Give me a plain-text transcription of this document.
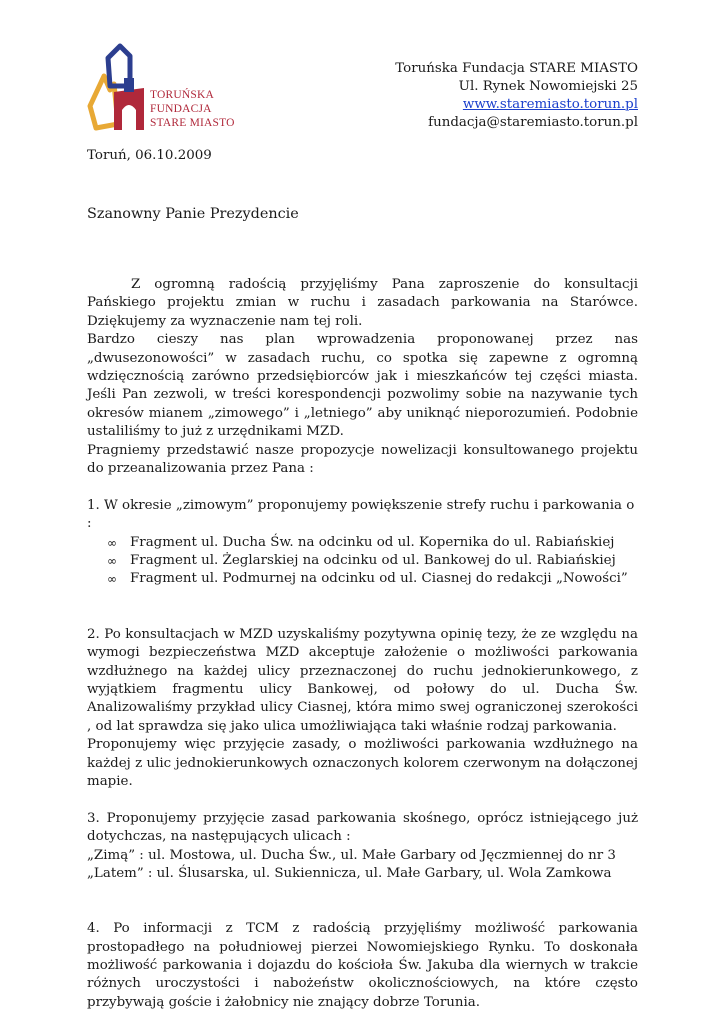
TORUŃSKA
FUNDACJA
STARE MIASTO
Toruńska Fundacja STARE MIASTO
Ul. Rynek Nowomiejski 25
www.staremiasto.torun.pl
fundacja@staremiasto.torun.pl
Toruń, 06.10.2009
Szanowny Panie Prezydencie

Z ogromną radością przyjęliśmy Pana zaproszenie do konsultacji Pańskiego projektu zmian w ruchu i zasadach parkowania na Starówce. Dziękujemy za wyznaczenie nam tej roli.

Bardzo cieszy nas plan wprowadzenia proponowanej przez nas „dwusezonowości” w zasadach ruchu, co spotka się zapewne z ogromną wdzięcznością zarówno przedsiębiorców jak i mieszkańców tej części miasta. Jeśli Pan zezwoli, w treści korespondencji pozwolimy sobie na nazywanie tych okresów mianem „zimowego” i „letniego” aby uniknąć nieporozumień. Podobnie ustaliliśmy to już z urzędnikami MZD.

Pragniemy przedstawić nasze propozycje nowelizacji konsultowanego projektu do przeanalizowania przez Pana :

1. W okresie „zimowym” proponujemy powiększenie strefy ruchu i parkowania o :

∞ Fragment ul. Ducha Św. na odcinku od ul. Kopernika do ul. Rabiańskiej
∞ Fragment ul. Żeglarskiej na odcinku od ul. Bankowej do ul. Rabiańskiej
∞ Fragment ul. Podmurnej na odcinku od ul. Ciasnej do redakcji „Nowości”

2. Po konsultacjach w MZD uzyskaliśmy pozytywna opinię tezy, że ze względu na wymogi bezpieczeństwa MZD akceptuje założenie o możliwości parkowania wzdłużnego na każdej ulicy przeznaczonej do ruchu jednokierunkowego, z wyjątkiem fragmentu ulicy Bankowej, od połowy do ul. Ducha Św. Analizowaliśmy przykład ulicy Ciasnej, która mimo swej ograniczonej szerokości , od lat sprawdza się jako ulica umożliwiająca taki właśnie rodzaj parkowania.

Proponujemy więc przyjęcie zasady, o możliwości parkowania wzdłużnego na każdej z ulic jednokierunkowych oznaczonych kolorem czerwonym na dołączonej mapie.

3. Proponujemy przyjęcie zasad parkowania skośnego, oprócz istniejącego już dotychczas, na następujących ulicach :

„Zimą” : ul. Mostowa, ul. Ducha Św., ul. Małe Garbary od Jęczmiennej do nr 3

„Latem” : ul. Ślusarska, ul. Sukiennicza, ul. Małe Garbary, ul. Wola Zamkowa

4. Po informacji z TCM z radością przyjęliśmy możliwość parkowania prostopadłego na południowej pierzei Nowomiejskiego Rynku. To doskonała możliwość parkowania i dojazdu do kościoła Św. Jakuba dla wiernych w trakcie różnych uroczystości i nabożeństw okolicznościowych, na które często przybywają goście i żałobnicy nie znający dobrze Torunia.
